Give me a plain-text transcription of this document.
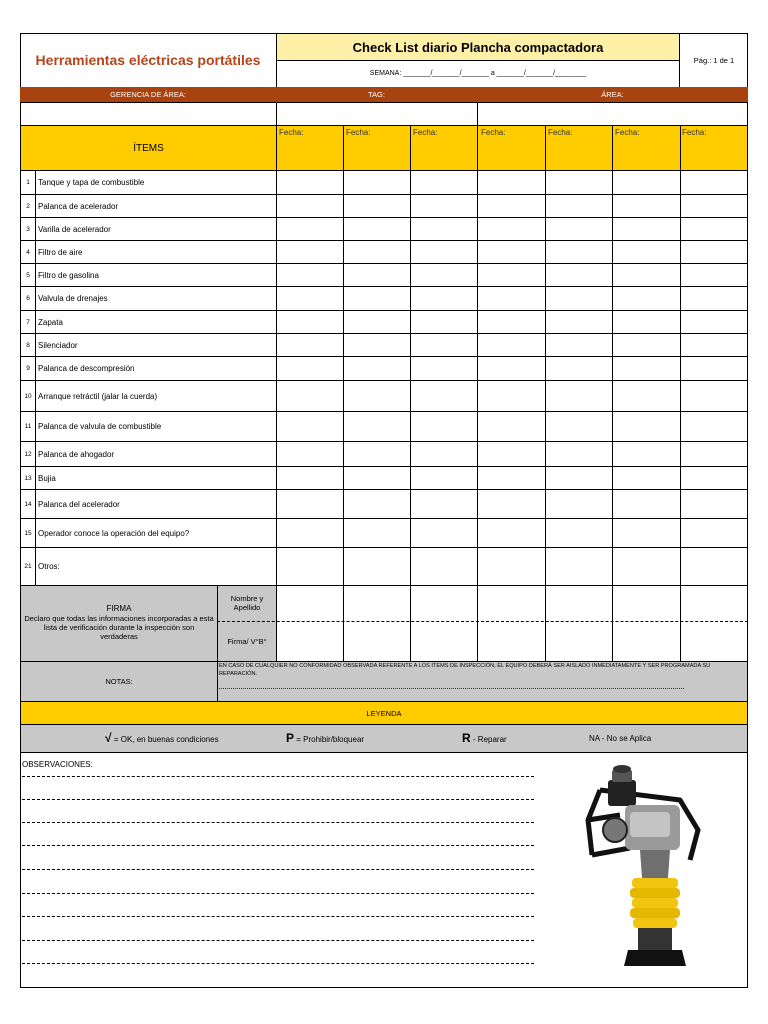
Herramientas eléctricas portátiles
Check List diario Plancha compactadora
SEMANA: _______/_______/_______ a _______/_______/________
Pág.: 1 de 1
GERENCIA DE ÁREA:	TAG:	ÁREA:
ÍTEMS
Fecha:	Fecha:	Fecha:	Fecha:	Fecha:	Fecha:	Fecha:
1	Tanque y tapa de combustible
2	Palanca de acelerador
3	Varilla de acelerador
4	Filtro de aire
5	Filtro de gasolina
6	Valvula de drenajes
7	Zapata
8	Silenciador
9	Palanca de descompresión
10 Arranque retráctil (jalar la cuerda)
11 Palanca de valvula de combustible
12 Palanca de ahogador
13 Bujia
14 Palanca del acelerador
15 Operador conoce la operación del equipo?
21 Otros:
FIRMA
Declaro que todas las informaciones incorporadas a esta lista de verificación durante la inspección son verdaderas
Nombre y Apellido
Firma/ V°B°
NOTAS:
EN CASO DE CUALQUIER NO CONFORMIDAD OBSERVADA REFERENTE A LOS ÍTEMS DE INSPECCIÓN, EL EQUIPO DEBERÁ SER AISLADO INMEDIATAMENTE Y SER PROGRAMADA SU REPARACIÓN.
LEYENDA
√ = OK, en buenas condiciones	P = Prohibir/bloquear	R - Reparar	NA - No se Aplica
OBSERVACIONES:
